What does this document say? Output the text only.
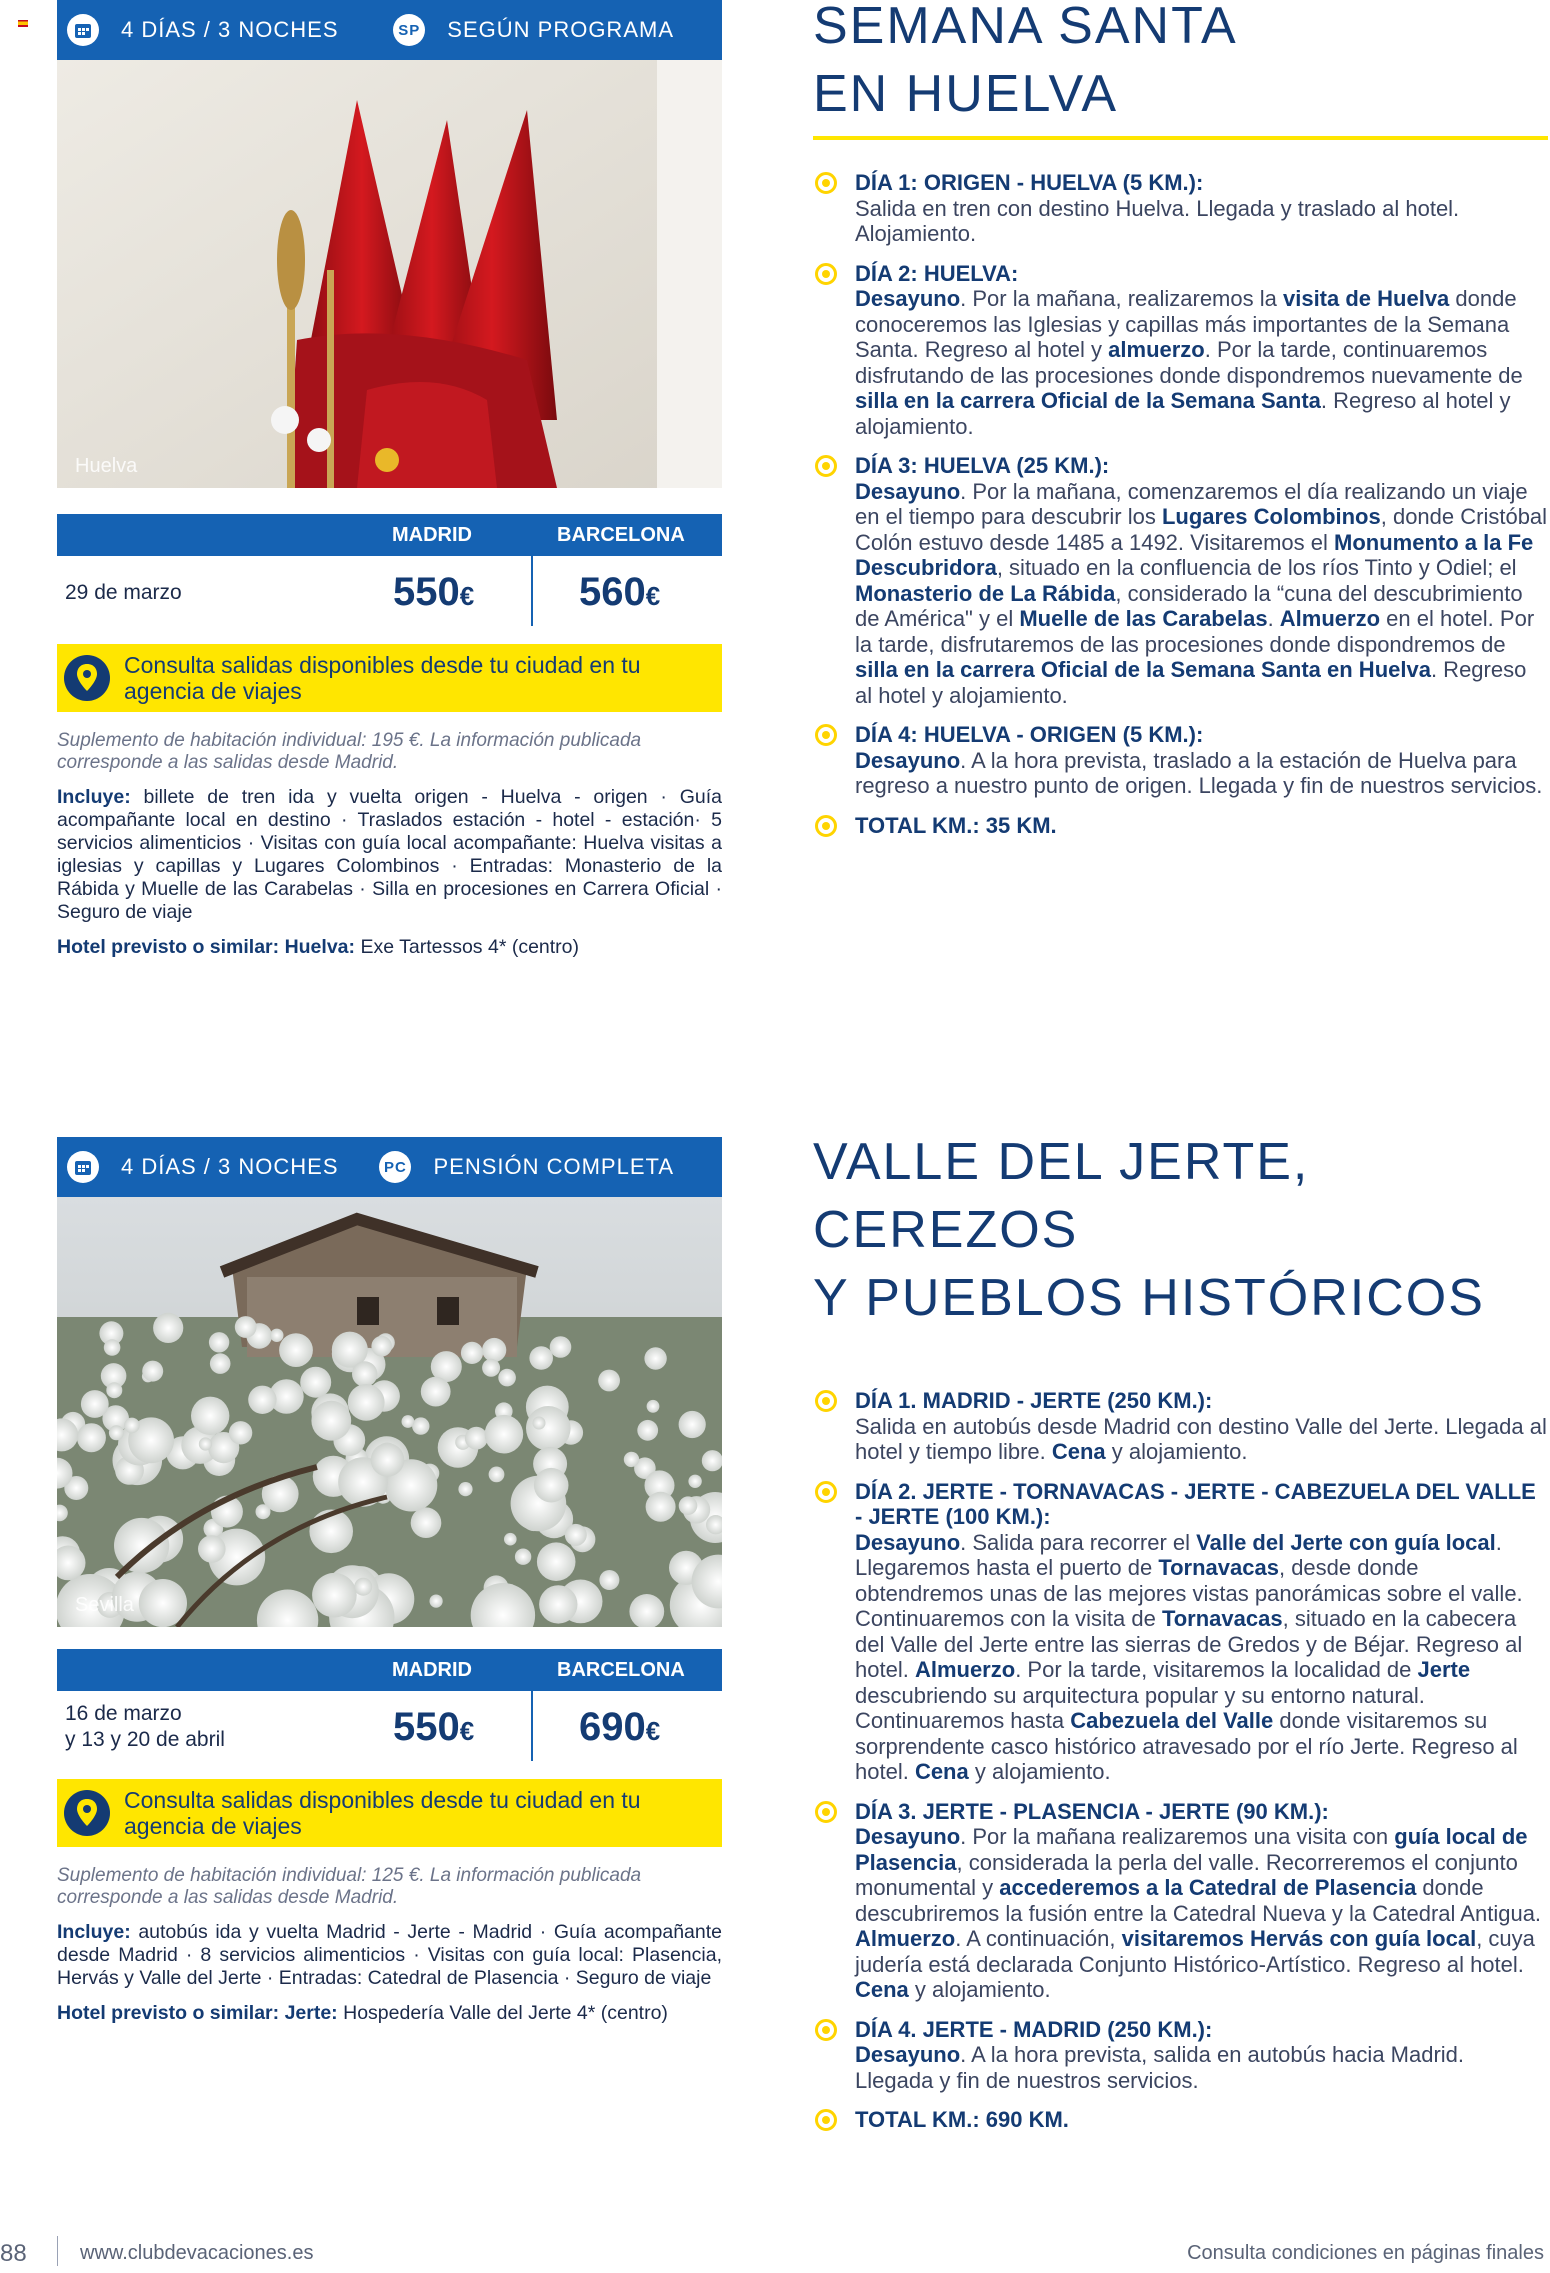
4 DÍAS / 3 NOCHES	SP SEGÚN PROGRAMA
Huelva
MADRID	BARCELONA
29 de marzo	550€	560€
Consulta salidas disponibles desde tu ciudad en tu agencia de viajes
Suplemento de habitación individual: 195 €. La información publicada corresponde a las salidas desde Madrid.
Incluye: billete de tren ida y vuelta origen - Huelva - origen · Guía acompañante local en destino · Traslados estación - hotel - estación· 5 servicios alimenticios · Visitas con guía local acompañante: Huelva visitas a iglesias y capillas y Lugares Colombinos · Entradas: Monasterio de la Rábida y Muelle de las Carabelas · Silla en procesiones en Carrera Oficial · Seguro de viaje
Hotel previsto o similar: Huelva: Exe Tartessos 4* (centro)
SEMANA SANTA
EN HUELVA
DÍA 1: ORIGEN - HUELVA (5 KM.):
Salida en tren con destino Huelva. Llegada y traslado al hotel. Alojamiento.
DÍA 2: HUELVA:
Desayuno. Por la mañana, realizaremos la visita de Huelva donde conoceremos las Iglesias y capillas más importantes de la Semana Santa. Regreso al hotel y almuerzo. Por la tarde, continuaremos disfrutando de las procesiones donde dispondremos nuevamente de silla en la carrera Oficial de la Semana Santa. Regreso al hotel y alojamiento.
DÍA 3: HUELVA (25 KM.):
Desayuno. Por la mañana, comenzaremos el día realizando un viaje en el tiempo para descubrir los Lugares Colombinos, donde Cristóbal Colón estuvo desde 1485 a 1492. Visitaremos el Monumento a la Fe Descubridora, situado en la confluencia de los ríos Tinto y Odiel; el Monasterio de La Rábida, considerado la “cuna del descubrimiento de América" y el Muelle de las Carabelas. Almuerzo en el hotel. Por la tarde, disfrutaremos de las procesiones donde dispondremos de silla en la carrera Oficial de la Semana Santa en Huelva. Regreso al hotel y alojamiento.
DÍA 4: HUELVA - ORIGEN (5 KM.):
Desayuno. A la hora prevista, traslado a la estación de Huelva para regreso a nuestro punto de origen. Llegada y fin de nuestros servicios.
TOTAL KM.: 35 KM.
4 DÍAS / 3 NOCHES	PC PENSIÓN COMPLETA
Sevilla
MADRID	BARCELONA
16 de marzo
y 13 y 20 de abril	550€	690€
Consulta salidas disponibles desde tu ciudad en tu agencia de viajes
Suplemento de habitación individual: 125 €. La información publicada corresponde a las salidas desde Madrid.
Incluye: autobús ida y vuelta Madrid - Jerte - Madrid · Guía acompañante desde Madrid · 8 servicios alimenticios · Visitas con guía local: Plasencia, Hervás y Valle del Jerte · Entradas: Catedral de Plasencia · Seguro de viaje
Hotel previsto o similar: Jerte: Hospedería Valle del Jerte 4* (centro)
VALLE DEL JERTE, CEREZOS
Y PUEBLOS HISTÓRICOS
DÍA 1. MADRID - JERTE (250 KM.):
Salida en autobús desde Madrid con destino Valle del Jerte. Llegada al hotel y tiempo libre. Cena y alojamiento.
DÍA 2. JERTE - TORNAVACAS - JERTE - CABEZUELA DEL VALLE - JERTE (100 KM.):
Desayuno. Salida para recorrer el Valle del Jerte con guía local. Llegaremos hasta el puerto de Tornavacas, desde donde obtendremos unas de las mejores vistas panorámicas sobre el valle. Continuaremos con la visita de Tornavacas, situado en la cabecera del Valle del Jerte entre las sierras de Gredos y de Béjar. Regreso al hotel. Almuerzo. Por la tarde, visitaremos la localidad de Jerte descubriendo su arquitectura popular y su entorno natural. Continuaremos hasta Cabezuela del Valle donde visitaremos su sorprendente casco histórico atravesado por el río Jerte. Regreso al hotel. Cena y alojamiento.
DÍA 3. JERTE - PLASENCIA - JERTE (90 KM.):
Desayuno. Por la mañana realizaremos una visita con guía local de Plasencia, considerada la perla del valle. Recorreremos el conjunto monumental y accederemos a la Catedral de Plasencia donde descubriremos la fusión entre la Catedral Nueva y la Catedral Antigua. Almuerzo. A continuación, visitaremos Hervás con guía local, cuya judería está declarada Conjunto Histórico-Artístico. Regreso al hotel. Cena y alojamiento.
DÍA 4. JERTE - MADRID (250 KM.):
Desayuno. A la hora prevista, salida en autobús hacia Madrid. Llegada y fin de nuestros servicios.
TOTAL KM.: 690 KM.
88	www.clubdevacaciones.es	Consulta condiciones en páginas finales
